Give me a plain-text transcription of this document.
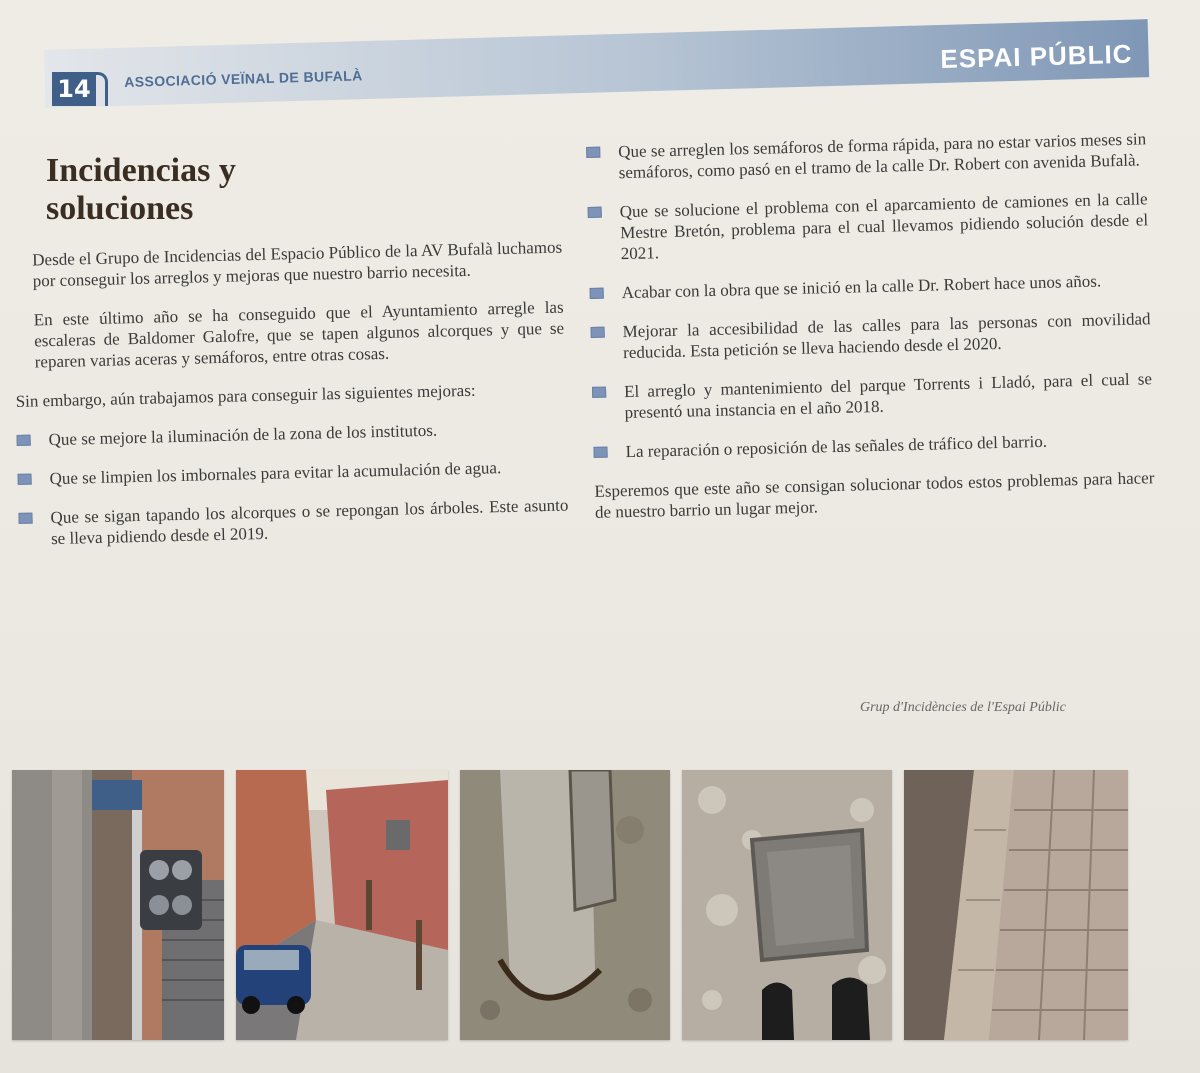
14	ASSOCIACIÓ VEÏNAL DE BUFALÀ
ESPAI PÚBLIC
Incidencias y
soluciones

Desde el Grupo de Incidencias del Espacio Público de la AV Bufalà luchamos por conseguir los arreglos y mejoras que nuestro barrio necesita.

En este último año se ha conseguido que el Ayuntamiento arregle las escaleras de Baldomer Galofre, que se tapen algunos alcorques y que se reparen varias aceras y semáforos, entre otras cosas.

Sin embargo, aún trabajamos para conseguir las siguientes mejoras:

Que se mejore la iluminación de la zona de los institutos.

Que se limpien los imbornales para evitar la acumulación de agua.

Que se sigan tapando los alcorques o se repongan los árboles. Este asunto se lleva pidiendo desde el 2019.

Que se arreglen los semáforos de forma rápida, para no estar varios meses sin semáforos, como pasó en el tramo de la calle Dr. Robert con avenida Bufalà.

Que se solucione el problema con el aparcamiento de camiones en la calle Mestre Bretón, problema para el cual llevamos pidiendo solución desde el 2021.

Acabar con la obra que se inició en la calle Dr. Robert hace unos años.

Mejorar la accesibilidad de las calles para las personas con movilidad reducida. Esta petición se lleva haciendo desde el 2020.

El arreglo y mantenimiento del parque Torrents i Lladó, para el cual se presentó una instancia en el año 2018.

La reparación o reposición de las señales de tráfico del barrio.

Esperemos que este año se consigan solucionar todos estos problemas para hacer de nuestro barrio un lugar mejor.

Grup d'Incidències de l'Espai Públic
